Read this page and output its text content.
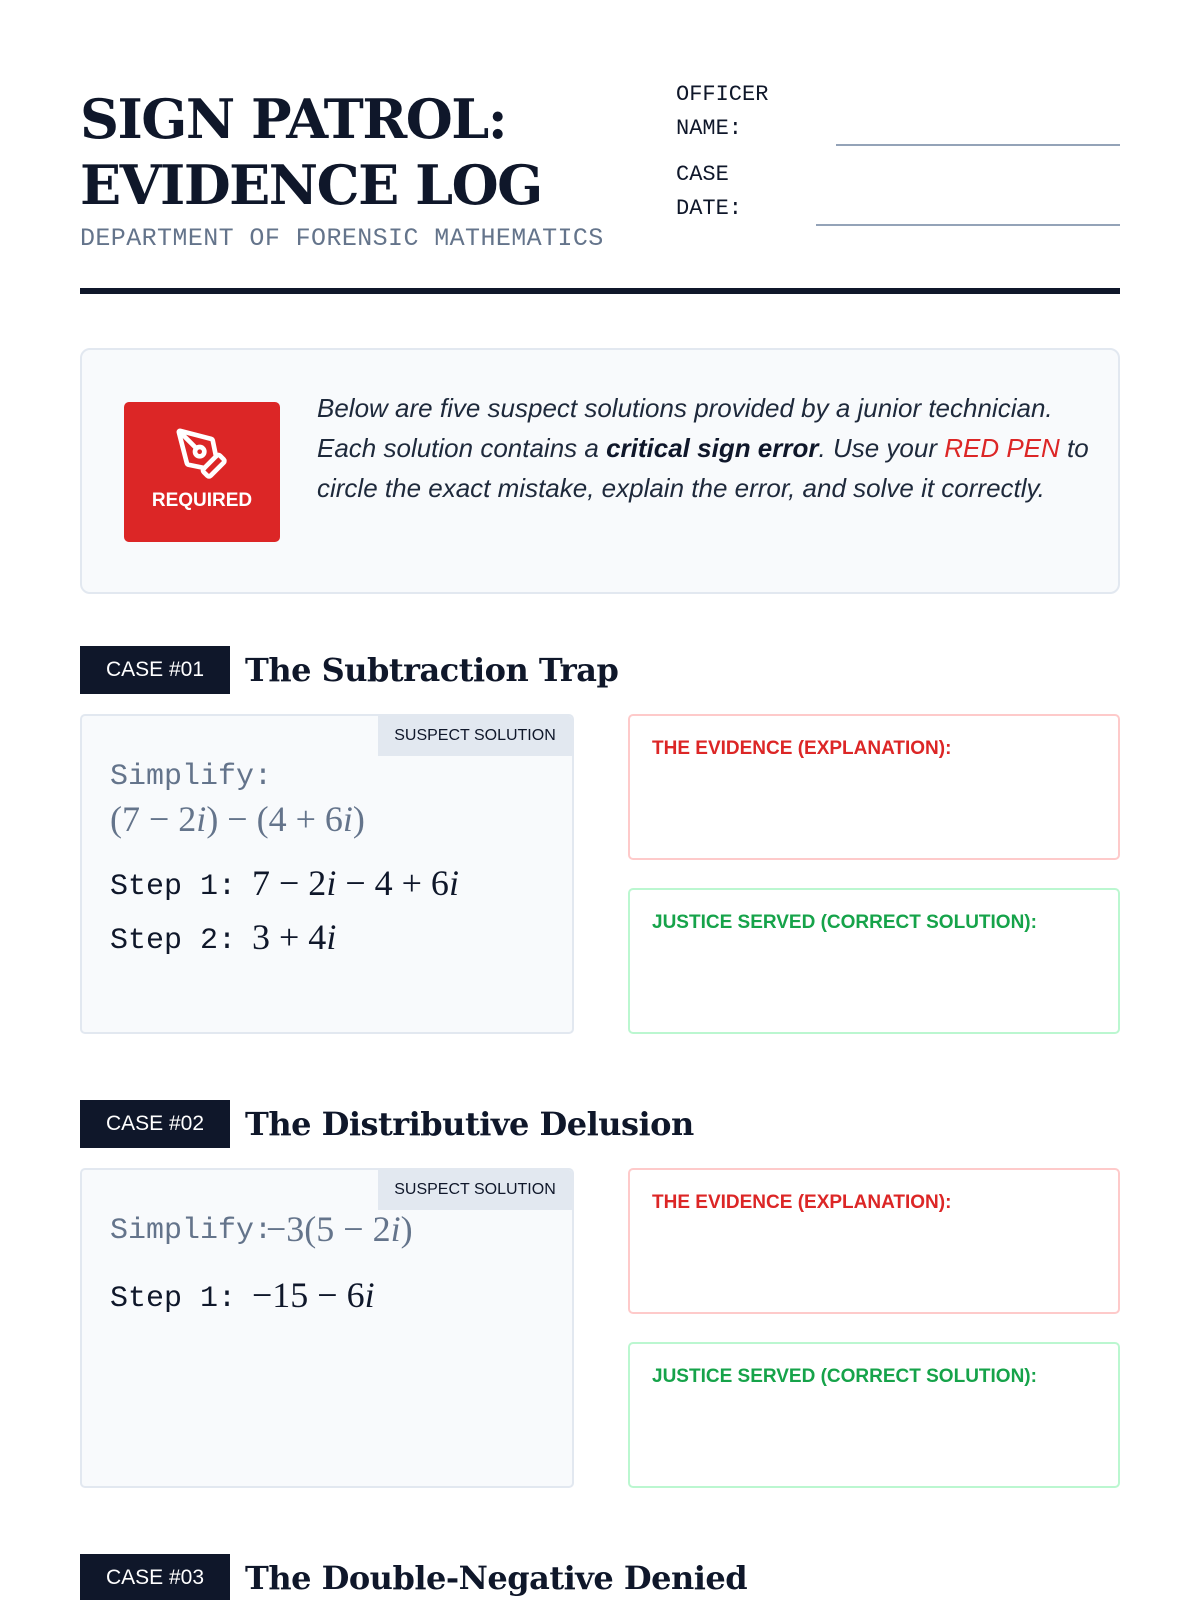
SIGN PATROL:
EVIDENCE LOG
DEPARTMENT OF FORENSIC MATHEMATICS
OFFICER
NAME:
CASE
DATE:
REQUIRED
Below are five suspect solutions provided by a junior technician. Each solution contains a critical sign error. Use your RED PEN to circle the exact mistake, explain the error, and solve it correctly.
CASE #01	The Subtraction Trap
SUSPECT SOLUTION
Simplify:
(7 − 2i) − (4 + 6i)
Step 1: 7 − 2i − 4 + 6i
Step 2: 3 + 4i
THE EVIDENCE (EXPLANATION):
JUSTICE SERVED (CORRECT SOLUTION):
CASE #02	The Distributive Delusion
SUSPECT SOLUTION
Simplify:
−3(5 − 2i)
Step 1: −15 − 6i
THE EVIDENCE (EXPLANATION):
JUSTICE SERVED (CORRECT SOLUTION):
CASE #03	The Double-Negative Denied
